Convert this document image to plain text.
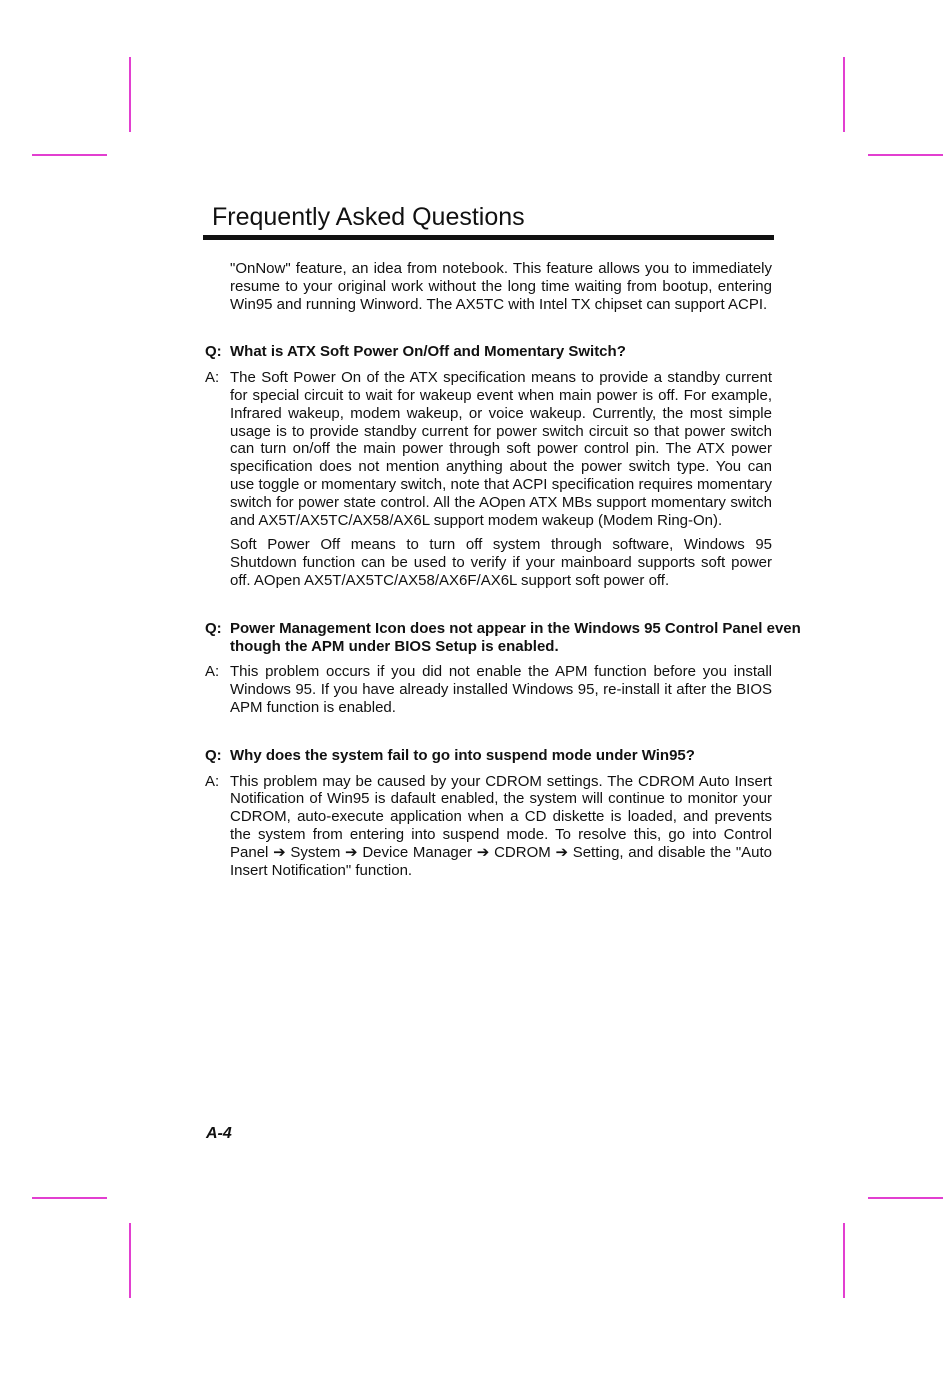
Frequently Asked Questions

"OnNow" feature, an idea from notebook. This feature allows you to immediately resume to your original work without the long time waiting from bootup, entering Win95 and running Winword. The AX5TC with Intel TX chipset can support ACPI.

Q: What is ATX Soft Power On/Off and Momentary Switch?
A: The Soft Power On of the ATX specification means to provide a standby current for special circuit to wait for wakeup event when main power is off. For example, Infrared wakeup, modem wakeup, or voice wakeup. Currently, the most simple usage is to provide standby current for power switch circuit so that power switch can turn on/off the main power through soft power control pin. The ATX power specification does not mention anything about the power switch type. You can use toggle or momentary switch, note that ACPI specification requires momentary switch for power state control. All the AOpen ATX MBs support momentary switch and AX5T/AX5TC/AX58/AX6L support modem wakeup (Modem Ring-On).
Soft Power Off means to turn off system through software, Windows 95 Shutdown function can be used to verify if your mainboard supports soft power off. AOpen AX5T/AX5TC/AX58/AX6F/AX6L support soft power off.
Q: Power Management Icon does not appear in the Windows 95 Control Panel even though the APM under BIOS Setup is enabled.
A: This problem occurs if you did not enable the APM function before you install Windows 95. If you have already installed Windows 95, re-install it after the BIOS APM function is enabled.
Q: Why does the system fail to go into suspend mode under Win95?
A: This problem may be caused by your CDROM settings. The CDROM Auto Insert Notification of Win95 is dafault enabled, the system will continue to monitor your CDROM, auto-execute application when a CD diskette is loaded, and prevents the system from entering into suspend mode. To resolve this, go into Control Panel ➔ System ➔ Device Manager ➔ CDROM ➔ Setting, and disable the "Auto Insert Notification" function.
A-4
